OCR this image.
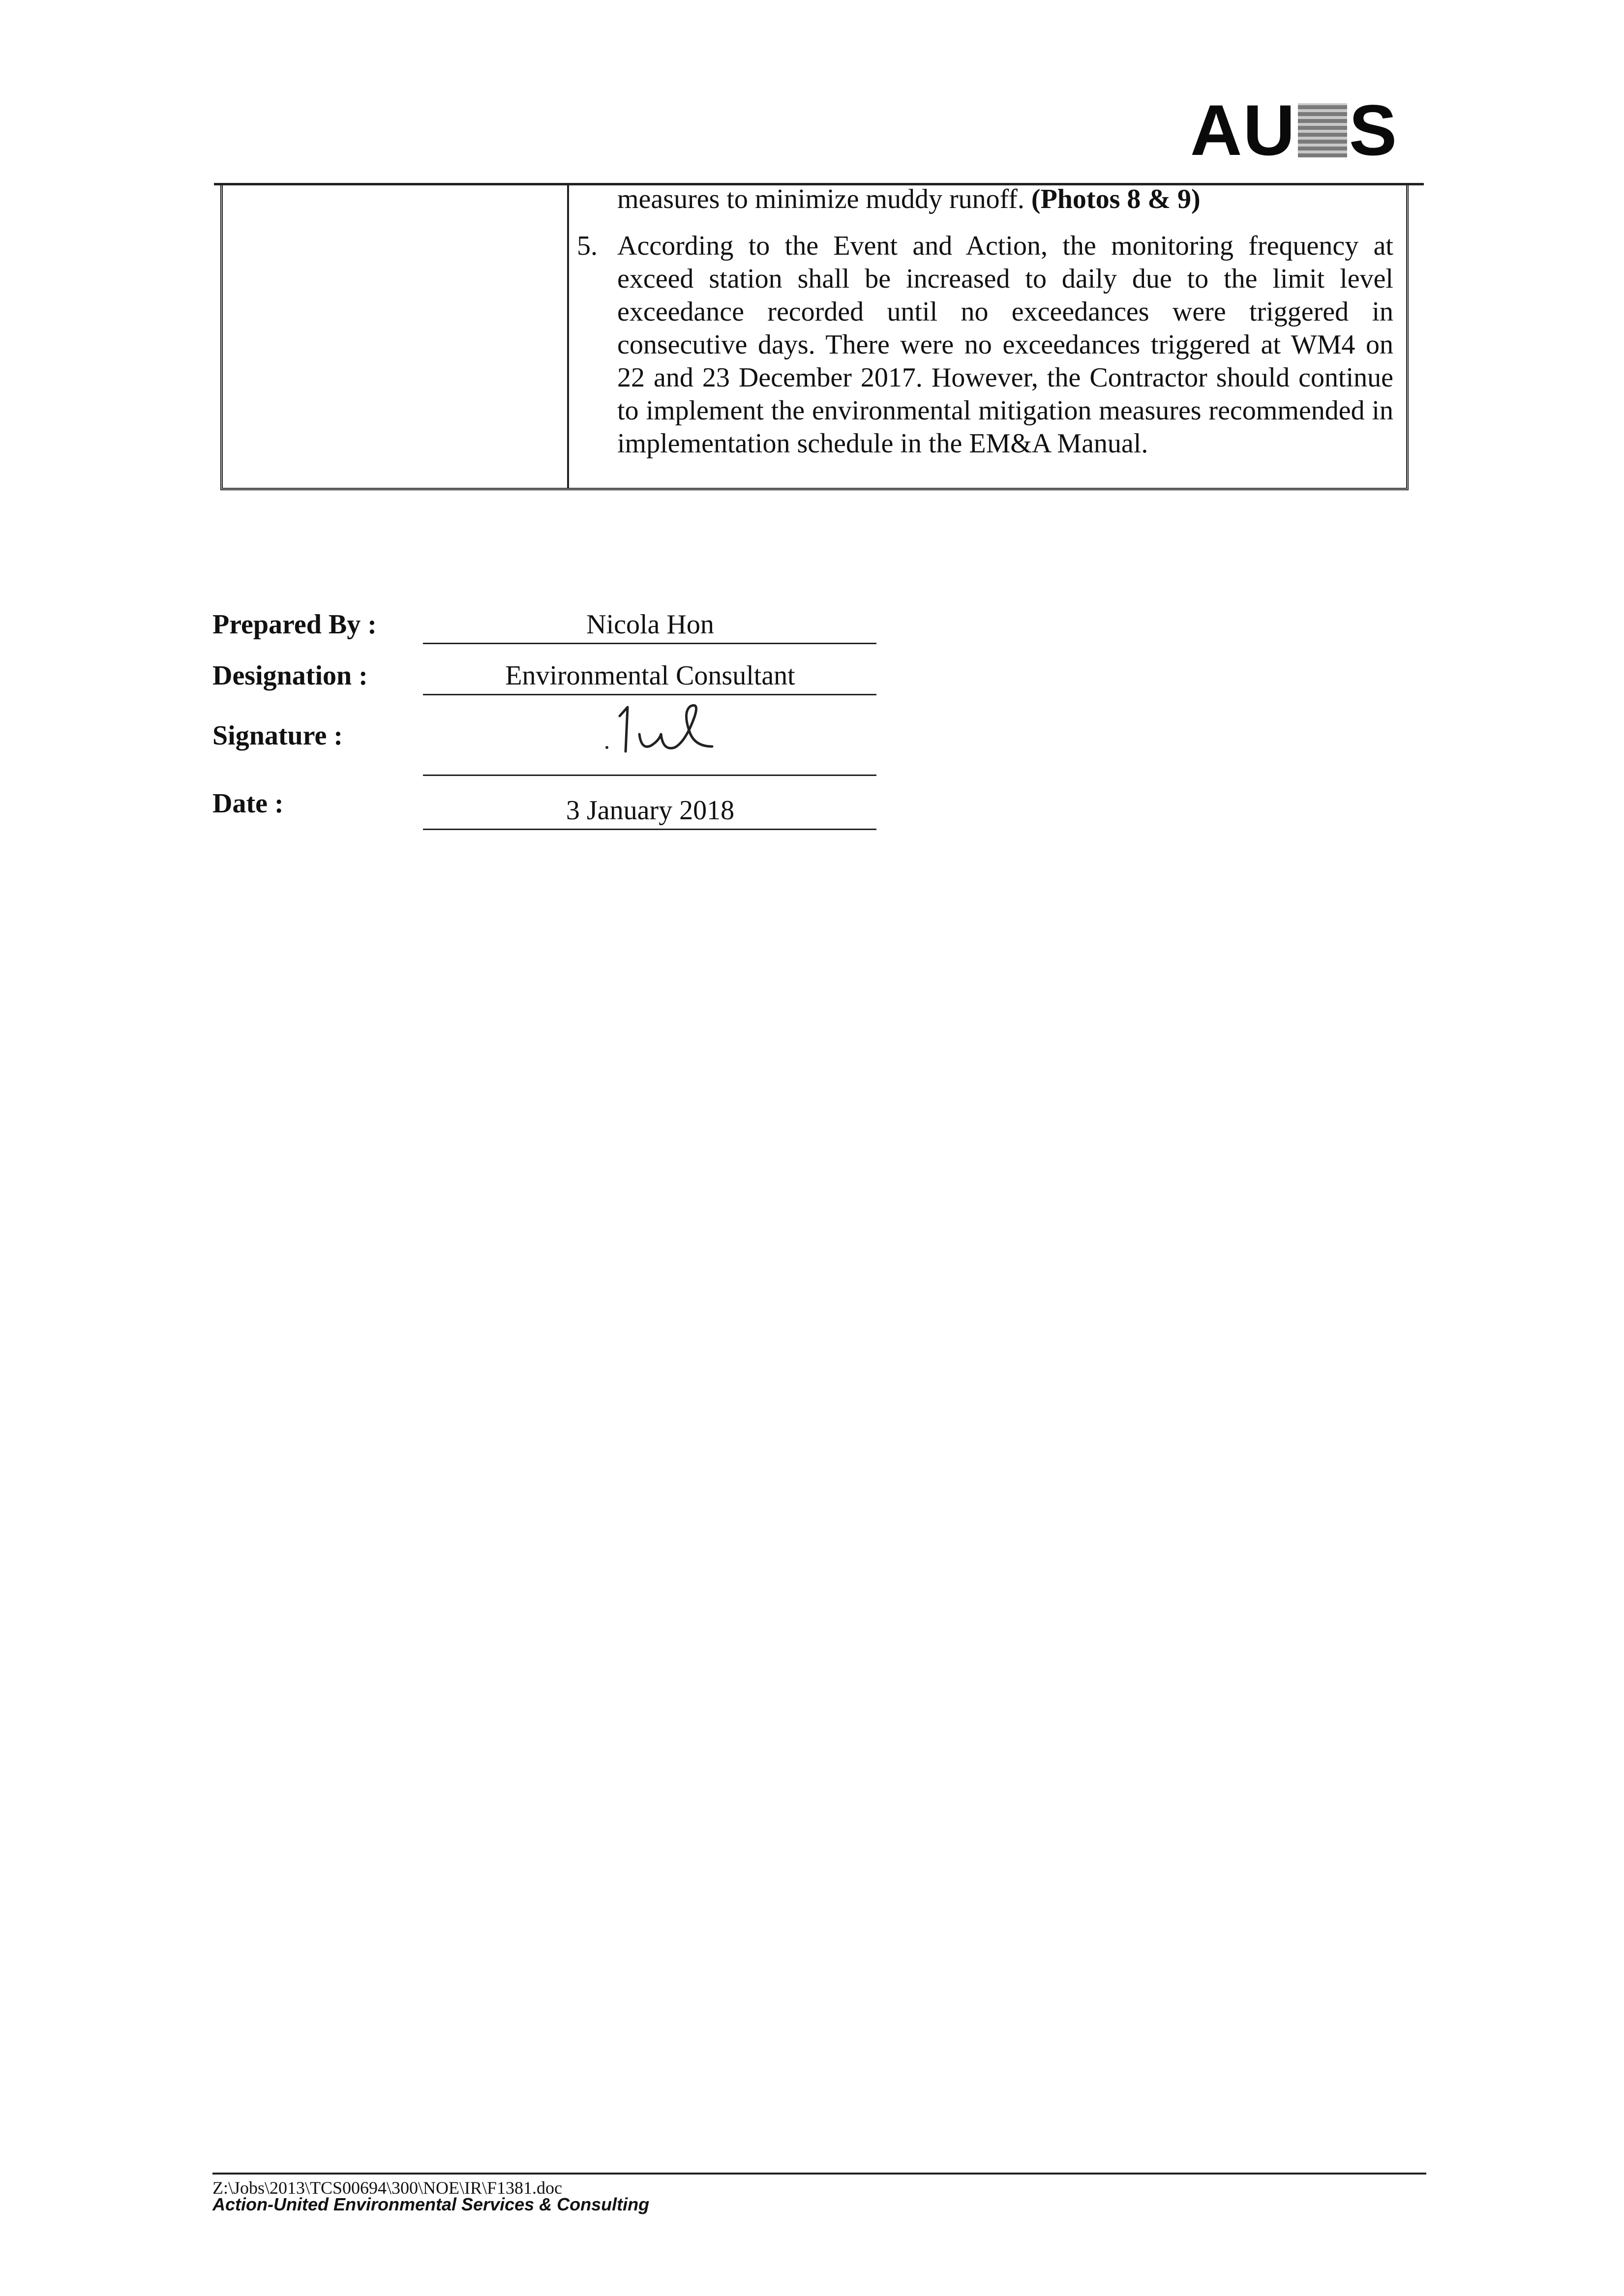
AU S
measures to minimize muddy runoff. (Photos 8 & 9)
5. According to the Event and Action, the monitoring frequency at exceed station shall be increased to daily due to the limit level exceedance recorded until no exceedances were triggered in consecutive days. There were no exceedances triggered at WM4 on 22 and 23 December 2017. However, the Contractor should continue to implement the environmental mitigation measures recommended in implementation schedule in the EM&A Manual.
Prepared By :	Nicola Hon
Designation :	Environmental Consultant
Signature :
Date :	3 January 2018
Z:\Jobs\2013\TCS00694\300\NOE\IR\F1381.doc
Action-United Environmental Services & Consulting
